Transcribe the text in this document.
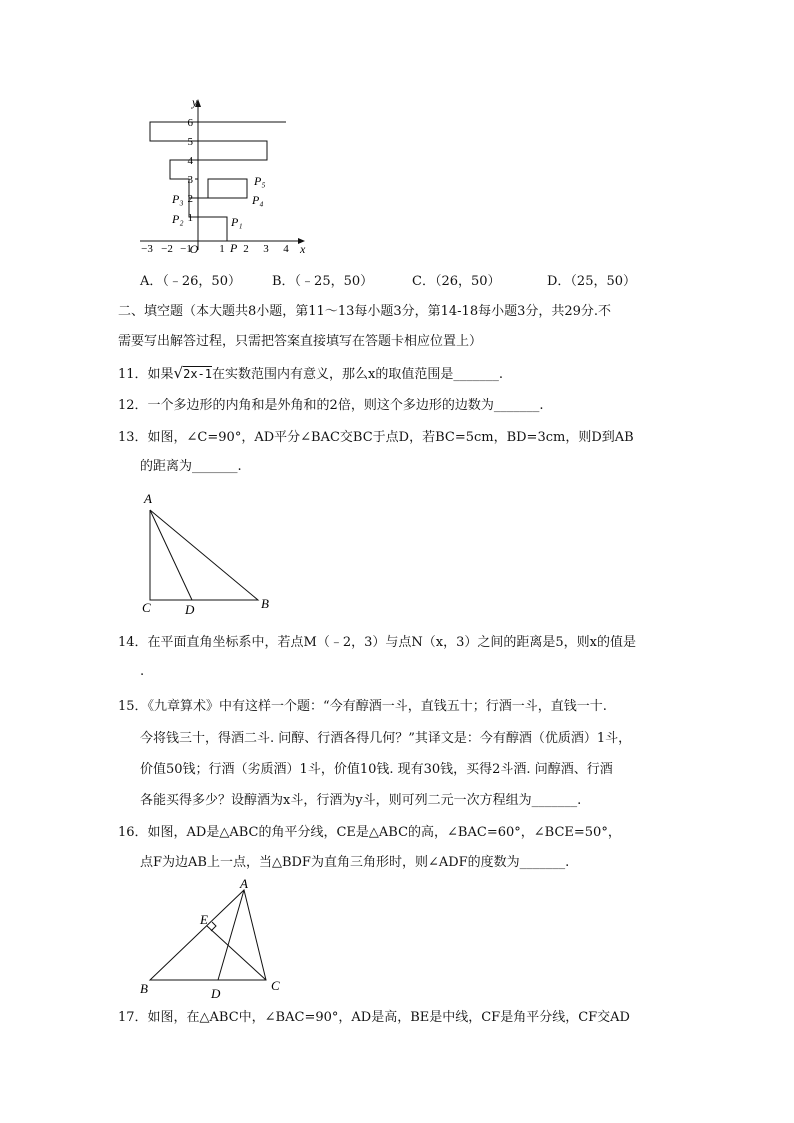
6
5
4
3
2
1
−3 −2 −1
O 1 2 3 4 x
y
P₁
P₂
P₃	P₄
P₅
P
A．（﹣26，50） B．（﹣25，50）	C．（26，50）	D．（25，50）
二、填空题（本大题共8小题，第11～13每小题3分，第14-18每小题3分，共29分.不
需要写出解答过程，只需把答案直接填写在答题卡相应位置上）
11．如果√2x-1在实数范围内有意义，那么x的取值范围是_______.
12．一个多边形的内角和是外角和的2倍，则这个多边形的边数为_______.
13．如图，∠C=90°，AD平分∠BAC交BC于点D，若BC=5cm，BD=3cm，则D到AB
的距离为_______.
A
C	D	B
14．在平面直角坐标系中，若点M（﹣2，3）与点N（x，3）之间的距离是5，则x的值是
.
15．《九章算术》中有这样一个题：“今有醇酒一斗，直钱五十；行酒一斗，直钱一十.
今将钱三十，得酒二斗. 问醇、行酒各得几何？”其译文是：今有醇酒（优质酒）1斗，
价值50钱；行酒（劣质酒）1斗，价值10钱. 现有30钱，买得2斗酒. 问醇酒、行酒
各能买得多少？设醇酒为x斗，行酒为y斗，则可列二元一次方程组为_______.
16．如图，AD是△ABC的角平分线，CE是△ABC的高，∠BAC=60°，∠BCE=50°，
点F为边AB上一点，当△BDF为直角三角形时，则∠ADF的度数为_______.
A
E
B	D
C
17．如图，在△ABC中，∠BAC=90°，AD是高，BE是中线，CF是角平分线，CF交AD
